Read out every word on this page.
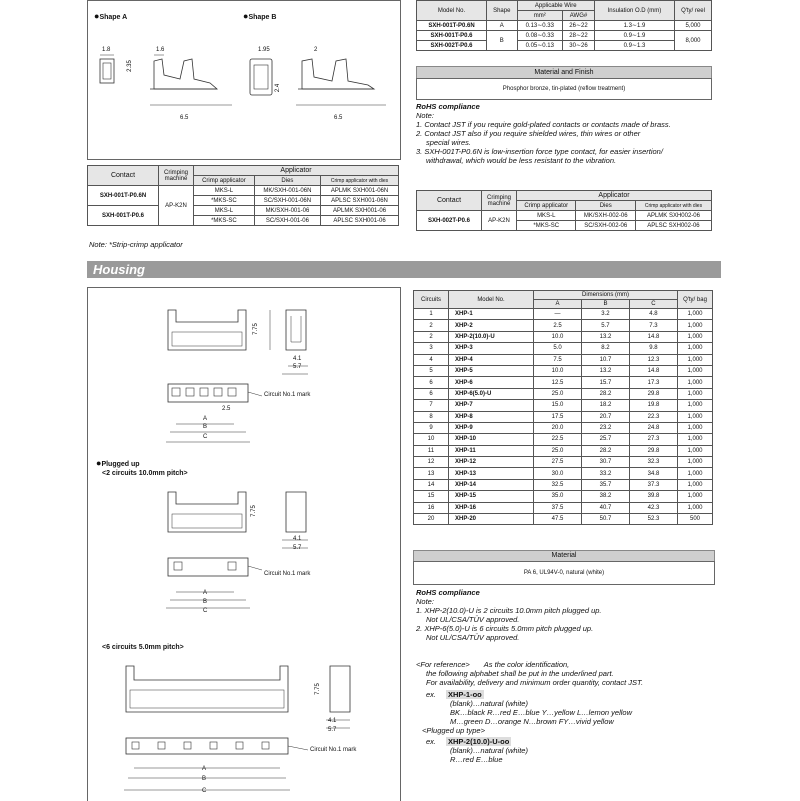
●Shape A	●Shape B
1.8	1.6
2.35
6.5
1.95	2
2.4
6.5
Model No.	Shape	Applicable Wire		Insulation O.D (mm)	Q'ty/ reel
		mm²	AWG#		
SXH-001T-P0.6N	A	0.13∼0.33	26∼22	1.3∼1.9	5,000
SXH-001T-P0.6	B	0.08∼0.33	28∼22	0.9∼1.9	8,000
SXH-002T-P0.6		0.05∼0.13	30∼26	0.9∼1.3	
Material and Finish
Phosphor bronze, tin-plated (reflow treatment)
RoHS compliance
Note:
1. Contact JST if you require gold-plated contacts or contacts made of brass.
2. Contact JST also if you require shielded wires, thin wires or other
special wires.
3. SXH-001T-P0.6N is low-insertion force type contact, for easier insertion/
withdrawal, which would be less resistant to the vibration.
Contact	Crimping machine	Applicator		
		Crimp applicator	Dies	Crimp applicator with dies
SXH-001T-P0.6N	AP-K2N	MKS-L	MK/SXH-001-06N	APLMK SXH001-06N
		*MKS-SC	SC/SXH-001-06N	APLSC SXH001-06N
SXH-001T-P0.6		MKS-L	MK/SXH-001-06	APLMK SXH001-06
		*MKS-SC	SC/SXH-001-06	APLSC SXH001-06
Note: *Strip-crimp applicator
Contact	Crimping machine	Applicator		
		Crimp applicator	Dies	Crimp applicator with dies
SXH-002T-P0.6	AP-K2N	MKS-L	MK/SXH-002-06	APLMK SXH002-06
		*MKS-SC	SC/SXH-002-06	APLSC SXH002-06
Housing
7.75
4.1
5.7
2.5
Circuit No.1 mark
A
B
C
●Plugged up
<2 circuits 10.0mm pitch>
7.75
4.1
5.7
Circuit No.1 mark
A
B
C
<6 circuits 5.0mm pitch>
7.75
4.1
5.7
Circuit No.1 mark
A
B
C
Circuits	Model No.	Dimensions (mm)			Q'ty/ bag
		A	B	C	
1	XHP-1	—	3.2	4.8	1,000
2	XHP-2	2.5	5.7	7.3	1,000
2	XHP-2(10.0)-U	10.0	13.2	14.8	1,000
3	XHP-3	5.0	8.2	9.8	1,000
4	XHP-4	7.5	10.7	12.3	1,000
5	XHP-5	10.0	13.2	14.8	1,000
6	XHP-6	12.5	15.7	17.3	1,000
6	XHP-6(5.0)-U	25.0	28.2	29.8	1,000
7	XHP-7	15.0	18.2	19.8	1,000
8	XHP-8	17.5	20.7	22.3	1,000
9	XHP-9	20.0	23.2	24.8	1,000
10	XHP-10	22.5	25.7	27.3	1,000
11	XHP-11	25.0	28.2	29.8	1,000
12	XHP-12	27.5	30.7	32.3	1,000
13	XHP-13	30.0	33.2	34.8	1,000
14	XHP-14	32.5	35.7	37.3	1,000
15	XHP-15	35.0	38.2	39.8	1,000
16	XHP-16	37.5	40.7	42.3	1,000
20	XHP-20	47.5	50.7	52.3	500
Material
PA 6, UL94V-0, natural (white)
RoHS compliance
Note:
1. XHP-2(10.0)-U is 2 circuits 10.0mm pitch plugged up.
Not UL/CSA/TÜV approved.
2. XHP-6(5.0)-U is 6 circuits 5.0mm pitch plugged up.
Not UL/CSA/TÜV approved.
<For reference> As the color identification,
the following alphabet shall be put in the underlined part.
For availability, delivery and minimum order quantity, contact JST.
ex. XHP-1-oo
(blank)…natural (white)
BK…black R…red E…blue Y…yellow L…lemon yellow
M…green D…orange N…brown FY…vivid yellow
<Plugged up type>
ex. XHP-2(10.0)-U-oo
(blank)…natural (white)
R…red E…blue
